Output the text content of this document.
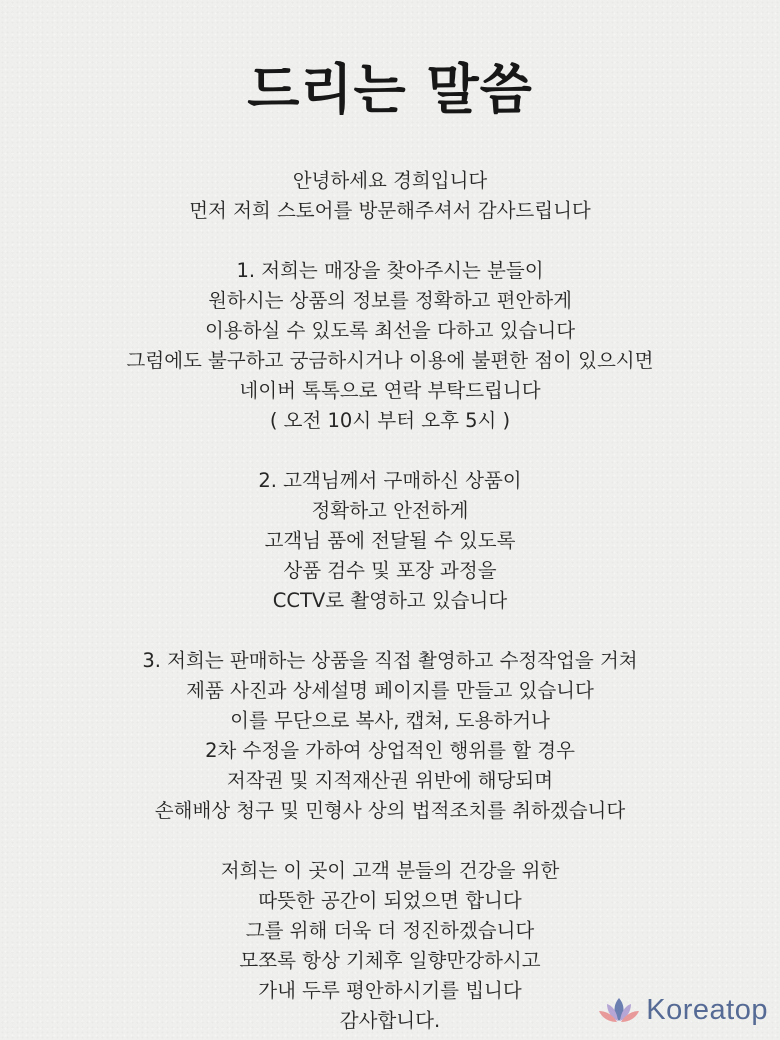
드리는 말씀
안녕하세요 경희입니다
먼저 저희 스토어를 방문해주셔서 감사드립니다
1. 저희는 매장을 찾아주시는 분들이
원하시는 상품의 정보를 정확하고 편안하게
이용하실 수 있도록 최선을 다하고 있습니다
그럼에도 불구하고 궁금하시거나 이용에 불편한 점이 있으시면
네이버 톡톡으로 연락 부탁드립니다
( 오전 10시 부터 오후 5시 )
2. 고객님께서 구매하신 상품이
정확하고 안전하게
고객님 품에 전달될 수 있도록
상품 검수 및 포장 과정을
CCTV로 촬영하고 있습니다
3. 저희는 판매하는 상품을 직접 촬영하고 수정작업을 거쳐
제품 사진과 상세설명 페이지를 만들고 있습니다
이를 무단으로 복사, 캡쳐, 도용하거나
2차 수정을 가하여 상업적인 행위를 할 경우
저작권 및 지적재산권 위반에 해당되며
손해배상 청구 및 민형사 상의 법적조치를 취하겠습니다
저희는 이 곳이 고객 분들의 건강을 위한
따뜻한 공간이 되었으면 합니다
그를 위해 더욱 더 정진하겠습니다
모쪼록 항상 기체후 일향만강하시고
가내 두루 평안하시기를 빕니다
감사합니다.	Koreatop
